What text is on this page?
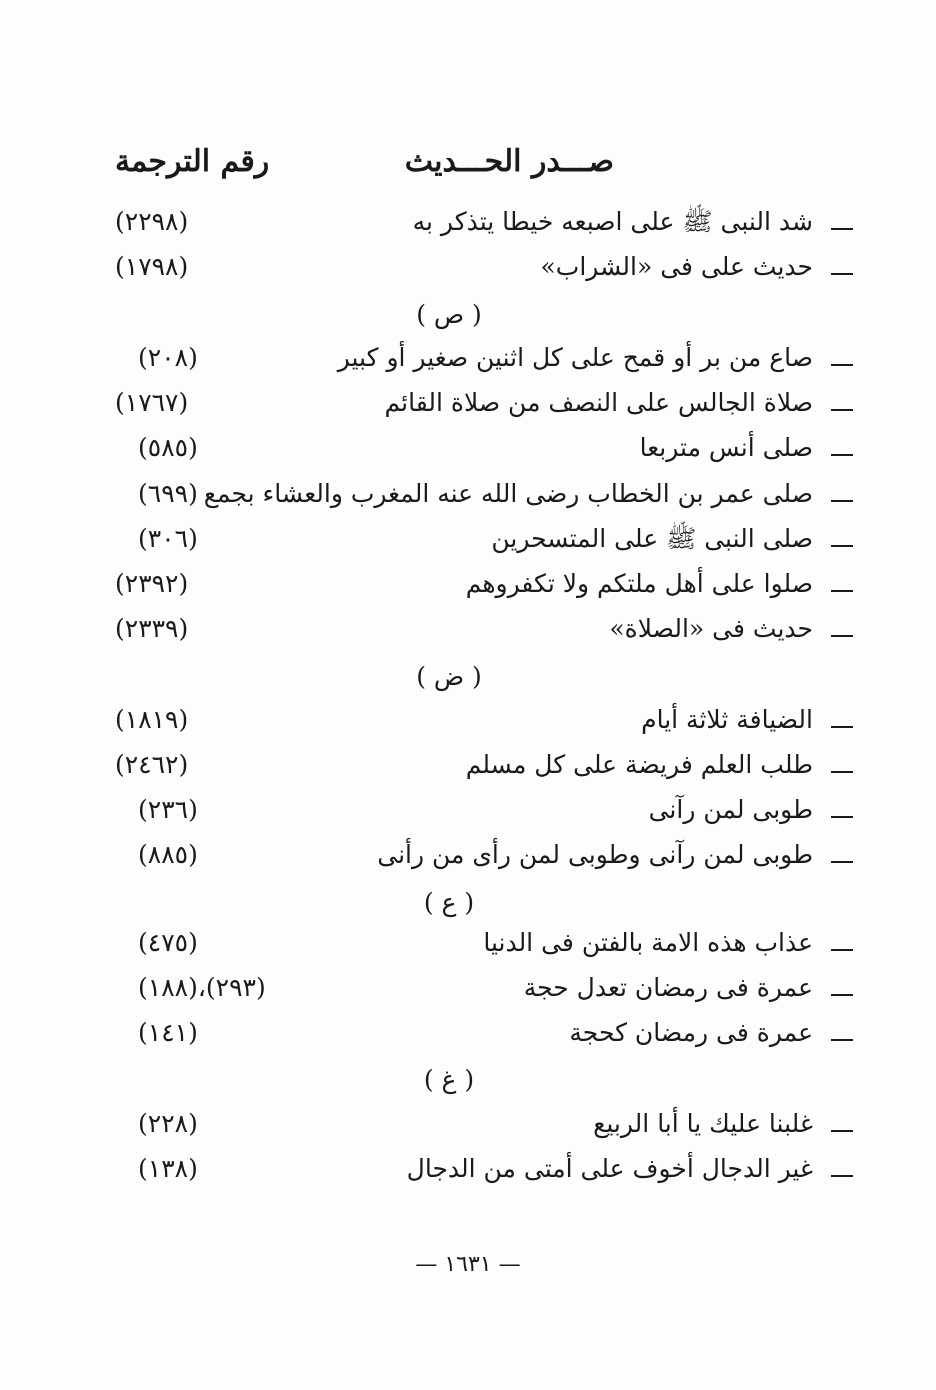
صـــدر الحـــديث
رقم الترجمة
شد النبى ﷺ على اصبعه خيطا يتذكر به
(٢٢٩٨)
حديث على فى «الشراب»
(١٧٩٨)
( ص )
صاع من بر أو قمح على كل اثنين صغير أو كبير
(٢٠٨)
صلاة الجالس على النصف من صلاة القائم
(١٧٦٧)
صلى أنس متربعا
(٥٨٥)
صلى عمر بن الخطاب رضى الله عنه المغرب والعشاء بجمع
(٦٩٩)
صلى النبى ﷺ على المتسحرين
(٣٠٦)
صلوا على أهل ملتكم ولا تكفروهم
(٢٣٩٢)
حديث فى «الصلاة»
(٢٣٣٩)
( ض )
الضيافة ثلاثة أيام
(١٨١٩)
طلب العلم فريضة على كل مسلم
(٢٤٦٢)
طوبى لمن رآنى
(٢٣٦)
طوبى لمن رآنى وطوبى لمن رأى من رأنى
(٨٨٥)
( ع )
عذاب هذه الامة بالفتن فى الدنيا
(٤٧٥)
عمرة فى رمضان تعدل حجة
(١٨٨)،(٢٩٣)
عمرة فى رمضان كحجة
(١٤١)
( غ )
غلبنا عليك يا أبا الربيع
(٢٢٨)
غير الدجال أخوف على أمتى من الدجال
(١٣٨)
— ١٦٣١ —
